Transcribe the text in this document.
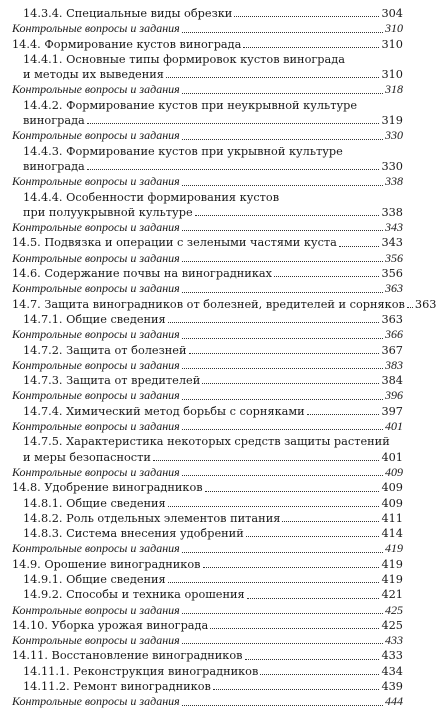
14.3.4. Специальные виды обрезки	304
Контрольные вопросы и задания	310
14.4. Формирование кустов винограда	310
14.4.1. Основные типы формировок кустов винограда
и методы их выведения	310
Контрольные вопросы и задания	318
14.4.2. Формирование кустов при неукрывной культуре
винограда	319
Контрольные вопросы и задания	330
14.4.3. Формирование кустов при укрывной культуре
винограда	330
Контрольные вопросы и задания	338
14.4.4. Особенности формирования кустов
при полуукрывной культуре	338
Контрольные вопросы и задания	343
14.5. Подвязка и операции с зелеными частями куста	343
Контрольные вопросы и задания	356
14.6. Содержание почвы на виноградниках	356
Контрольные вопросы и задания	363
14.7. Защита виноградников от болезней, вредителей и сорняков 363
14.7.1. Общие сведения	363
Контрольные вопросы и задания	366
14.7.2. Защита от болезней	367
Контрольные вопросы и задания	383
14.7.3. Защита от вредителей	384
Контрольные вопросы и задания	396
14.7.4. Химический метод борьбы с сорняками	397
Контрольные вопросы и задания	401
14.7.5. Характеристика некоторых средств защиты растений
и меры безопасности	401
Контрольные вопросы и задания	409
14.8. Удобрение виноградников	409
14.8.1. Общие сведения	409
14.8.2. Роль отдельных элементов питания	411
14.8.3. Система внесения удобрений	414
Контрольные вопросы и задания	419
14.9. Орошение виноградников	419
14.9.1. Общие сведения	419
14.9.2. Способы и техника орошения	421
Контрольные вопросы и задания	425
14.10. Уборка урожая винограда	425
Контрольные вопросы и задания	433
14.11. Восстановление виноградников	433
14.11.1. Реконструкция виноградников	434
14.11.2. Ремонт виноградников	439
Контрольные вопросы и задания	444
